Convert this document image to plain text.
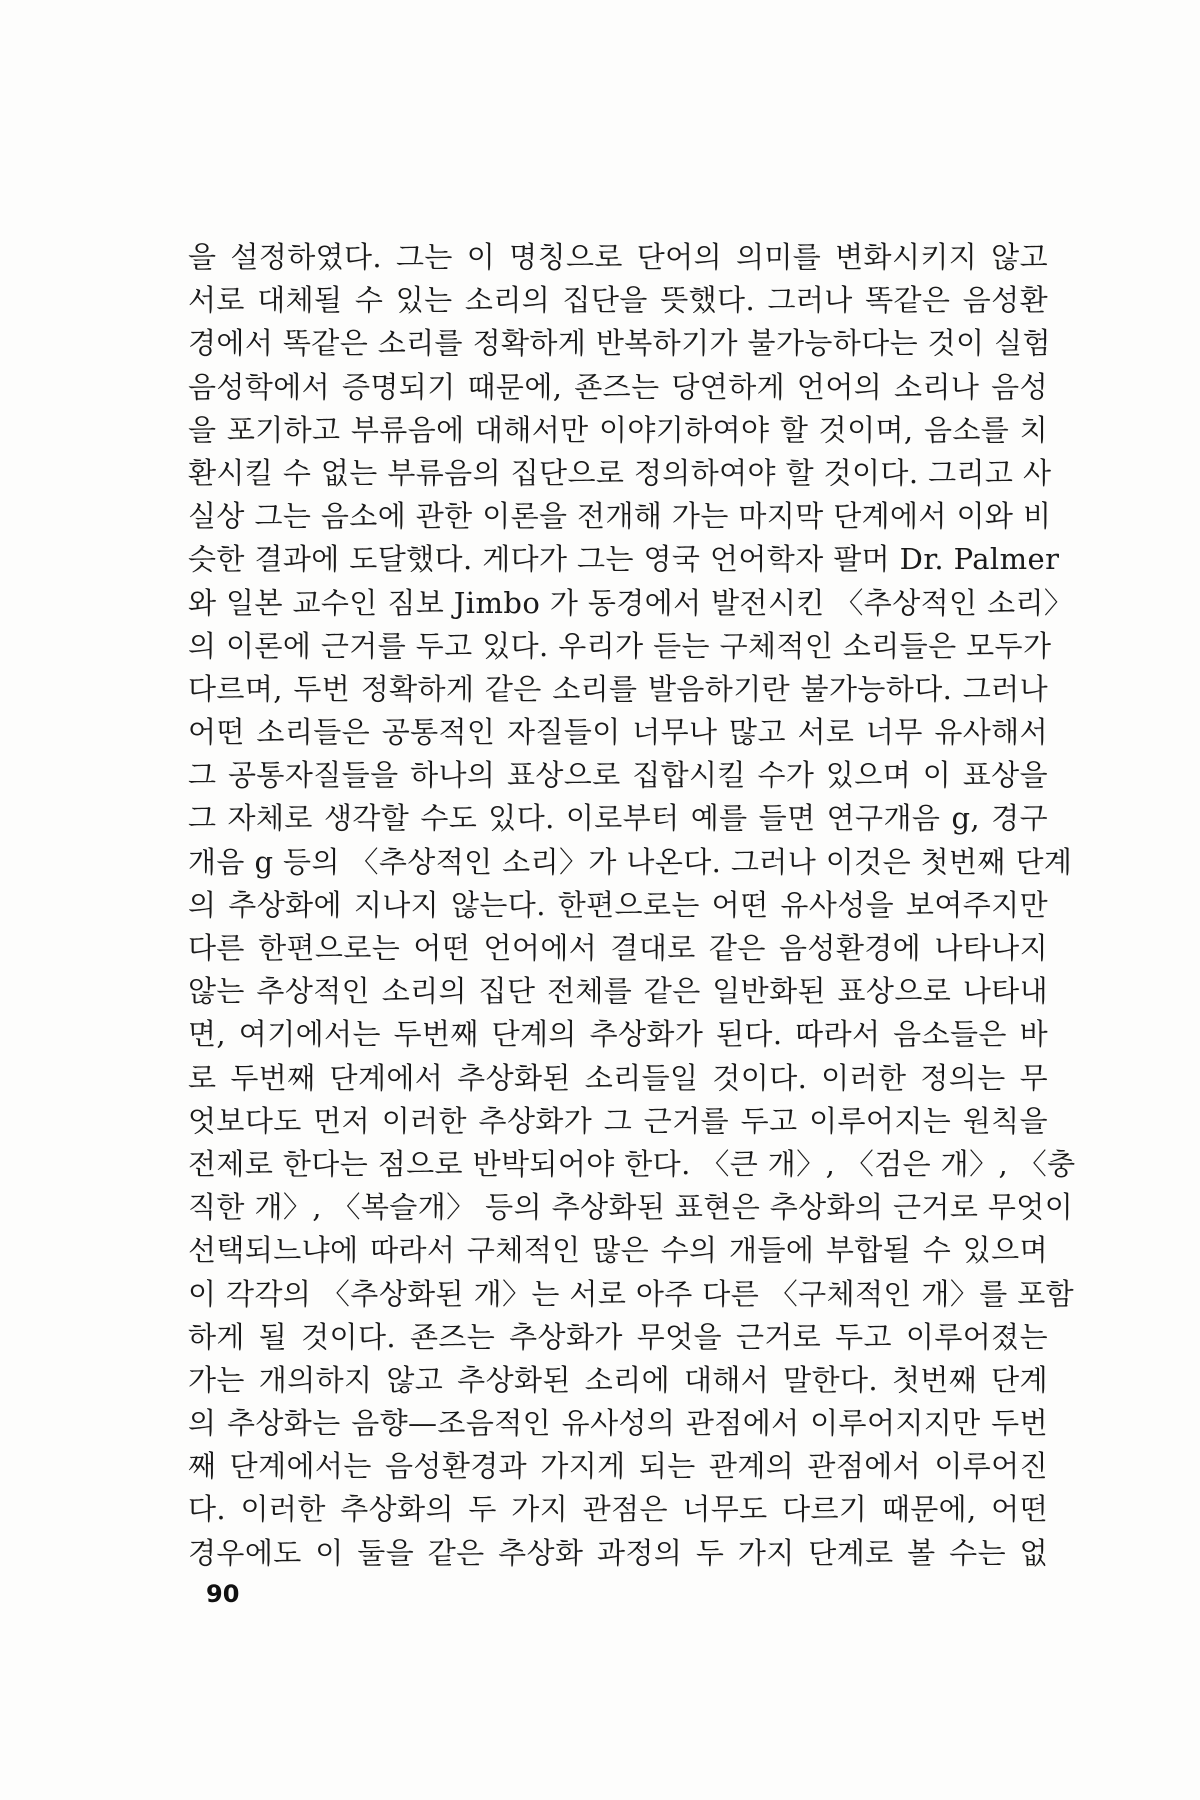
을 설정하였다. 그는 이 명칭으로 단어의 의미를 변화시키지 않고
서로 대체될 수 있는 소리의 집단을 뜻했다. 그러나 똑같은 음성환
경에서 똑같은 소리를 정확하게 반복하기가 불가능하다는 것이 실험
음성학에서 증명되기 때문에, 죤즈는 당연하게 언어의 소리나 음성
을 포기하고 부류음에 대해서만 이야기하여야 할 것이며, 음소를 치
환시킬 수 없는 부류음의 집단으로 정의하여야 할 것이다. 그리고 사
실상 그는 음소에 관한 이론을 전개해 가는 마지막 단계에서 이와 비
슷한 결과에 도달했다. 게다가 그는 영국 언어학자 팔머 Dr. Palmer
와 일본 교수인 짐보 Jimbo 가 동경에서 발전시킨 〈추상적인 소리〉
의 이론에 근거를 두고 있다. 우리가 듣는 구체적인 소리들은 모두가
다르며, 두번 정확하게 같은 소리를 발음하기란 불가능하다. 그러나
어떤 소리들은 공통적인 자질들이 너무나 많고 서로 너무 유사해서
그 공통자질들을 하나의 표상으로 집합시킬 수가 있으며 이 표상을
그 자체로 생각할 수도 있다. 이로부터 예를 들면 연구개음 g, 경구
개음 g 등의 〈추상적인 소리〉가 나온다. 그러나 이것은 첫번째 단계
의 추상화에 지나지 않는다. 한편으로는 어떤 유사성을 보여주지만
다른 한편으로는 어떤 언어에서 결대로 같은 음성환경에 나타나지
않는 추상적인 소리의 집단 전체를 같은 일반화된 표상으로 나타내
면, 여기에서는 두번째 단계의 추상화가 된다. 따라서 음소들은 바
로 두번째 단계에서 추상화된 소리들일 것이다. 이러한 정의는 무
엇보다도 먼저 이러한 추상화가 그 근거를 두고 이루어지는 원칙을
전제로 한다는 점으로 반박되어야 한다. 〈큰 개〉, 〈검은 개〉, 〈충
직한 개〉, 〈복슬개〉 등의 추상화된 표현은 추상화의 근거로 무엇이
선택되느냐에 따라서 구체적인 많은 수의 개들에 부합될 수 있으며
이 각각의 〈추상화된 개〉는 서로 아주 다른 〈구체적인 개〉를 포함
하게 될 것이다. 죤즈는 추상화가 무엇을 근거로 두고 이루어졌는
가는 개의하지 않고 추상화된 소리에 대해서 말한다. 첫번째 단계
의 추상화는 음향—조음적인 유사성의 관점에서 이루어지지만 두번
째 단계에서는 음성환경과 가지게 되는 관계의 관점에서 이루어진
다. 이러한 추상화의 두 가지 관점은 너무도 다르기 때문에, 어떤
경우에도 이 둘을 같은 추상화 과정의 두 가지 단계로 볼 수는 없
90
